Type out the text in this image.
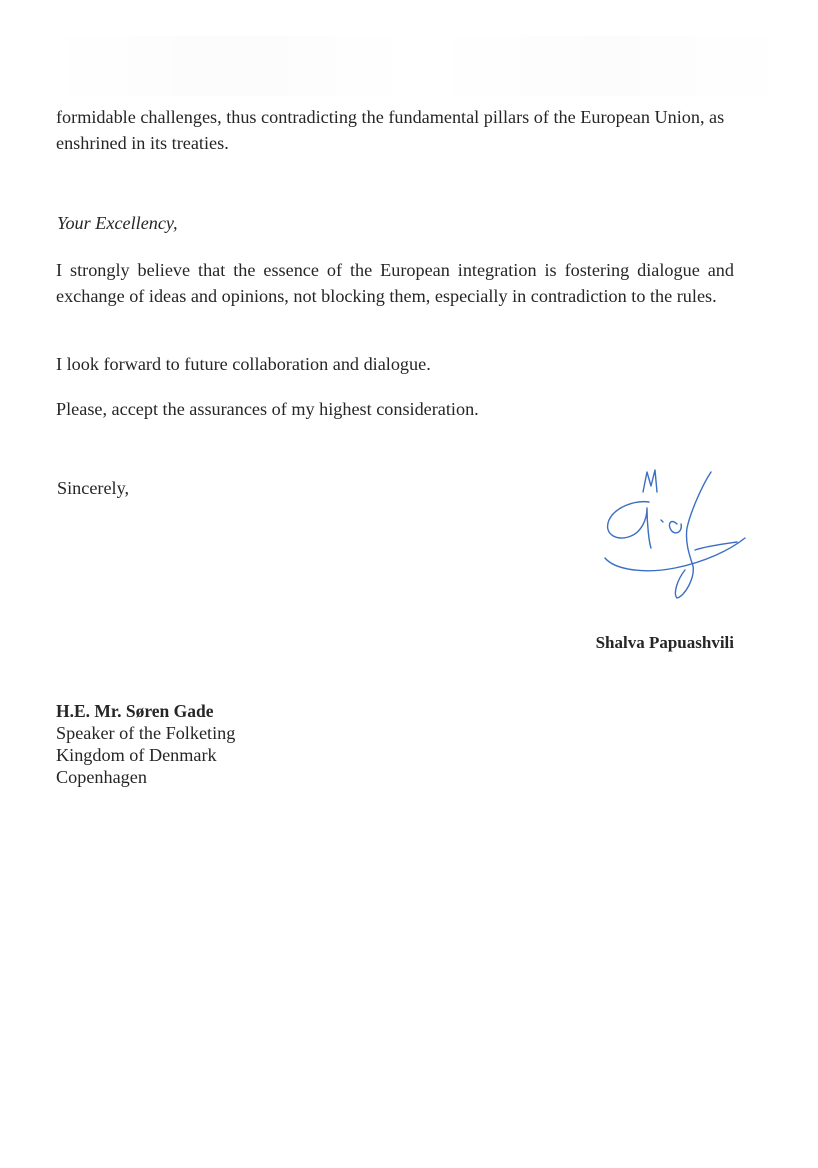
formidable challenges, thus contradicting the fundamental pillars of the European Union, as enshrined in its treaties.

Your Excellency,

I strongly believe that the essence of the European integration is fostering dialogue and exchange of ideas and opinions, not blocking them, especially in contradiction to the rules.

I look forward to future collaboration and dialogue.

Please, accept the assurances of my highest consideration.

Sincerely,

Shalva Papuashvili

H.E. Mr. Søren Gade
Speaker of the Folketing
Kingdom of Denmark
Copenhagen
